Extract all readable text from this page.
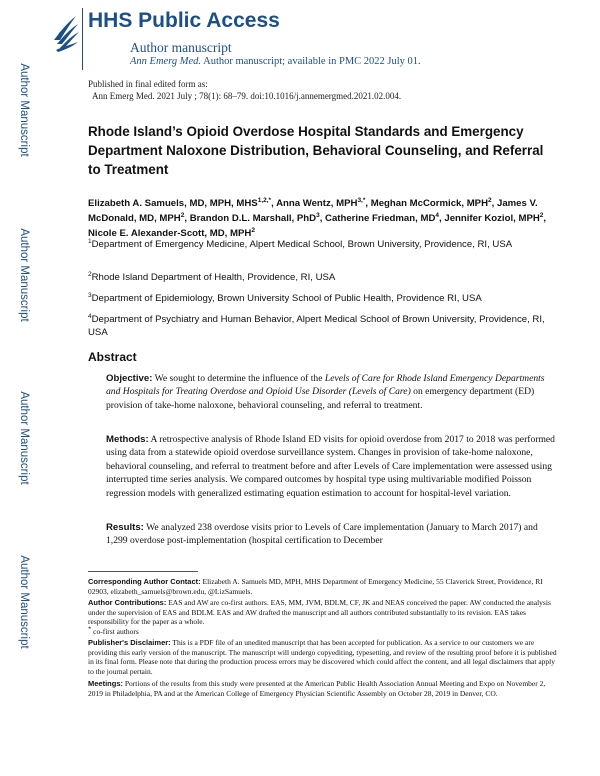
Author Manuscript
Author Manuscript
Author Manuscript
Author Manuscript
HHS Public Access
Author manuscript
Ann Emerg Med. Author manuscript; available in PMC 2022 July 01.
Published in final edited form as:
Ann Emerg Med. 2021 July ; 78(1): 68–79. doi:10.1016/j.annemergmed.2021.02.004.
Rhode Island’s Opioid Overdose Hospital Standards and Emergency Department Naloxone Distribution, Behavioral Counseling, and Referral to Treatment
Elizabeth A. Samuels, MD, MPH, $MHS^{1,2,*}$, Anna Wentz, $MPH^{3,*}$, Meghan McCormick, MPH$^2$, James V. McDonald, MD, MPH$^2$, Brandon D.L. Marshall, PhD$^3$, Catherine Friedman, $MD^4$, Jennifer Koziol, MPH$^2$, Nicole E. Alexander-Scott, MD, MPH$^2$
$^1$Department of Emergency Medicine, Alpert Medical School, Brown University, Providence, RI, USA
$^2$Rhode Island Department of Health, Providence, RI, USA
$^3$Department of Epidemiology, Brown University School of Public Health, Providence RI, USA
$^4$Department of Psychiatry and Human Behavior, Alpert Medical School of Brown University, Providence, RI, USA
Abstract
Objective: We sought to determine the influence of the Levels of Care for Rhode Island Emergency Departments and Hospitals for Treating Overdose and Opioid Use Disorder (Levels of Care) on emergency department (ED) provision of take-home naloxone, behavioral counseling, and referral to treatment.
Methods: A retrospective analysis of Rhode Island ED visits for opioid overdose from 2017 to 2018 was performed using data from a statewide opioid overdose surveillance system. Changes in provision of take-home naloxone, behavioral counseling, and referral to treatment before and after Levels of Care implementation were assessed using interrupted time series analysis. We compared outcomes by hospital type using multivariable modified Poisson regression models with generalized estimating equation estimation to account for hospital-level variation.
Results: We analyzed 238 overdose visits prior to Levels of Care implementation (January to March 2017) and 1,299 overdose post-implementation (hospital certification to December
Corresponding Author Contact: Elizabeth A. Samuels MD, MPH, MHS Department of Emergency Medicine, 55 Claverick Street, Providence, RI 02903, elizabeth_samuels@brown.edu, @LizSamuels.
Author Contributions: EAS and AW are co-first authors. EAS, MM, JVM, BDLM, CF, JK and NEAS conceived the paper. AW conducted the analysis under the supervision of EAS and BDLM. EAS and AW drafted the manuscript and all authors contributed substantially to its revision. EAS takes responsibility for the paper as a whole.
* co-first authors
Publisher's Disclaimer: This is a PDF file of an unedited manuscript that has been accepted for publication. As a service to our customers we are providing this early version of the manuscript. The manuscript will undergo copyediting, typesetting, and review of the resulting proof before it is published in its final form. Please note that during the production process errors may be discovered which could affect the content, and all legal disclaimers that apply to the journal pertain.
Meetings: Portions of the results from this study were presented at the American Public Health Association Annual Meeting and Expo on November 2, 2019 in Philadelphia, PA and at the American College of Emergency Physician Scientific Assembly on October 28, 2019 in Denver, CO.
